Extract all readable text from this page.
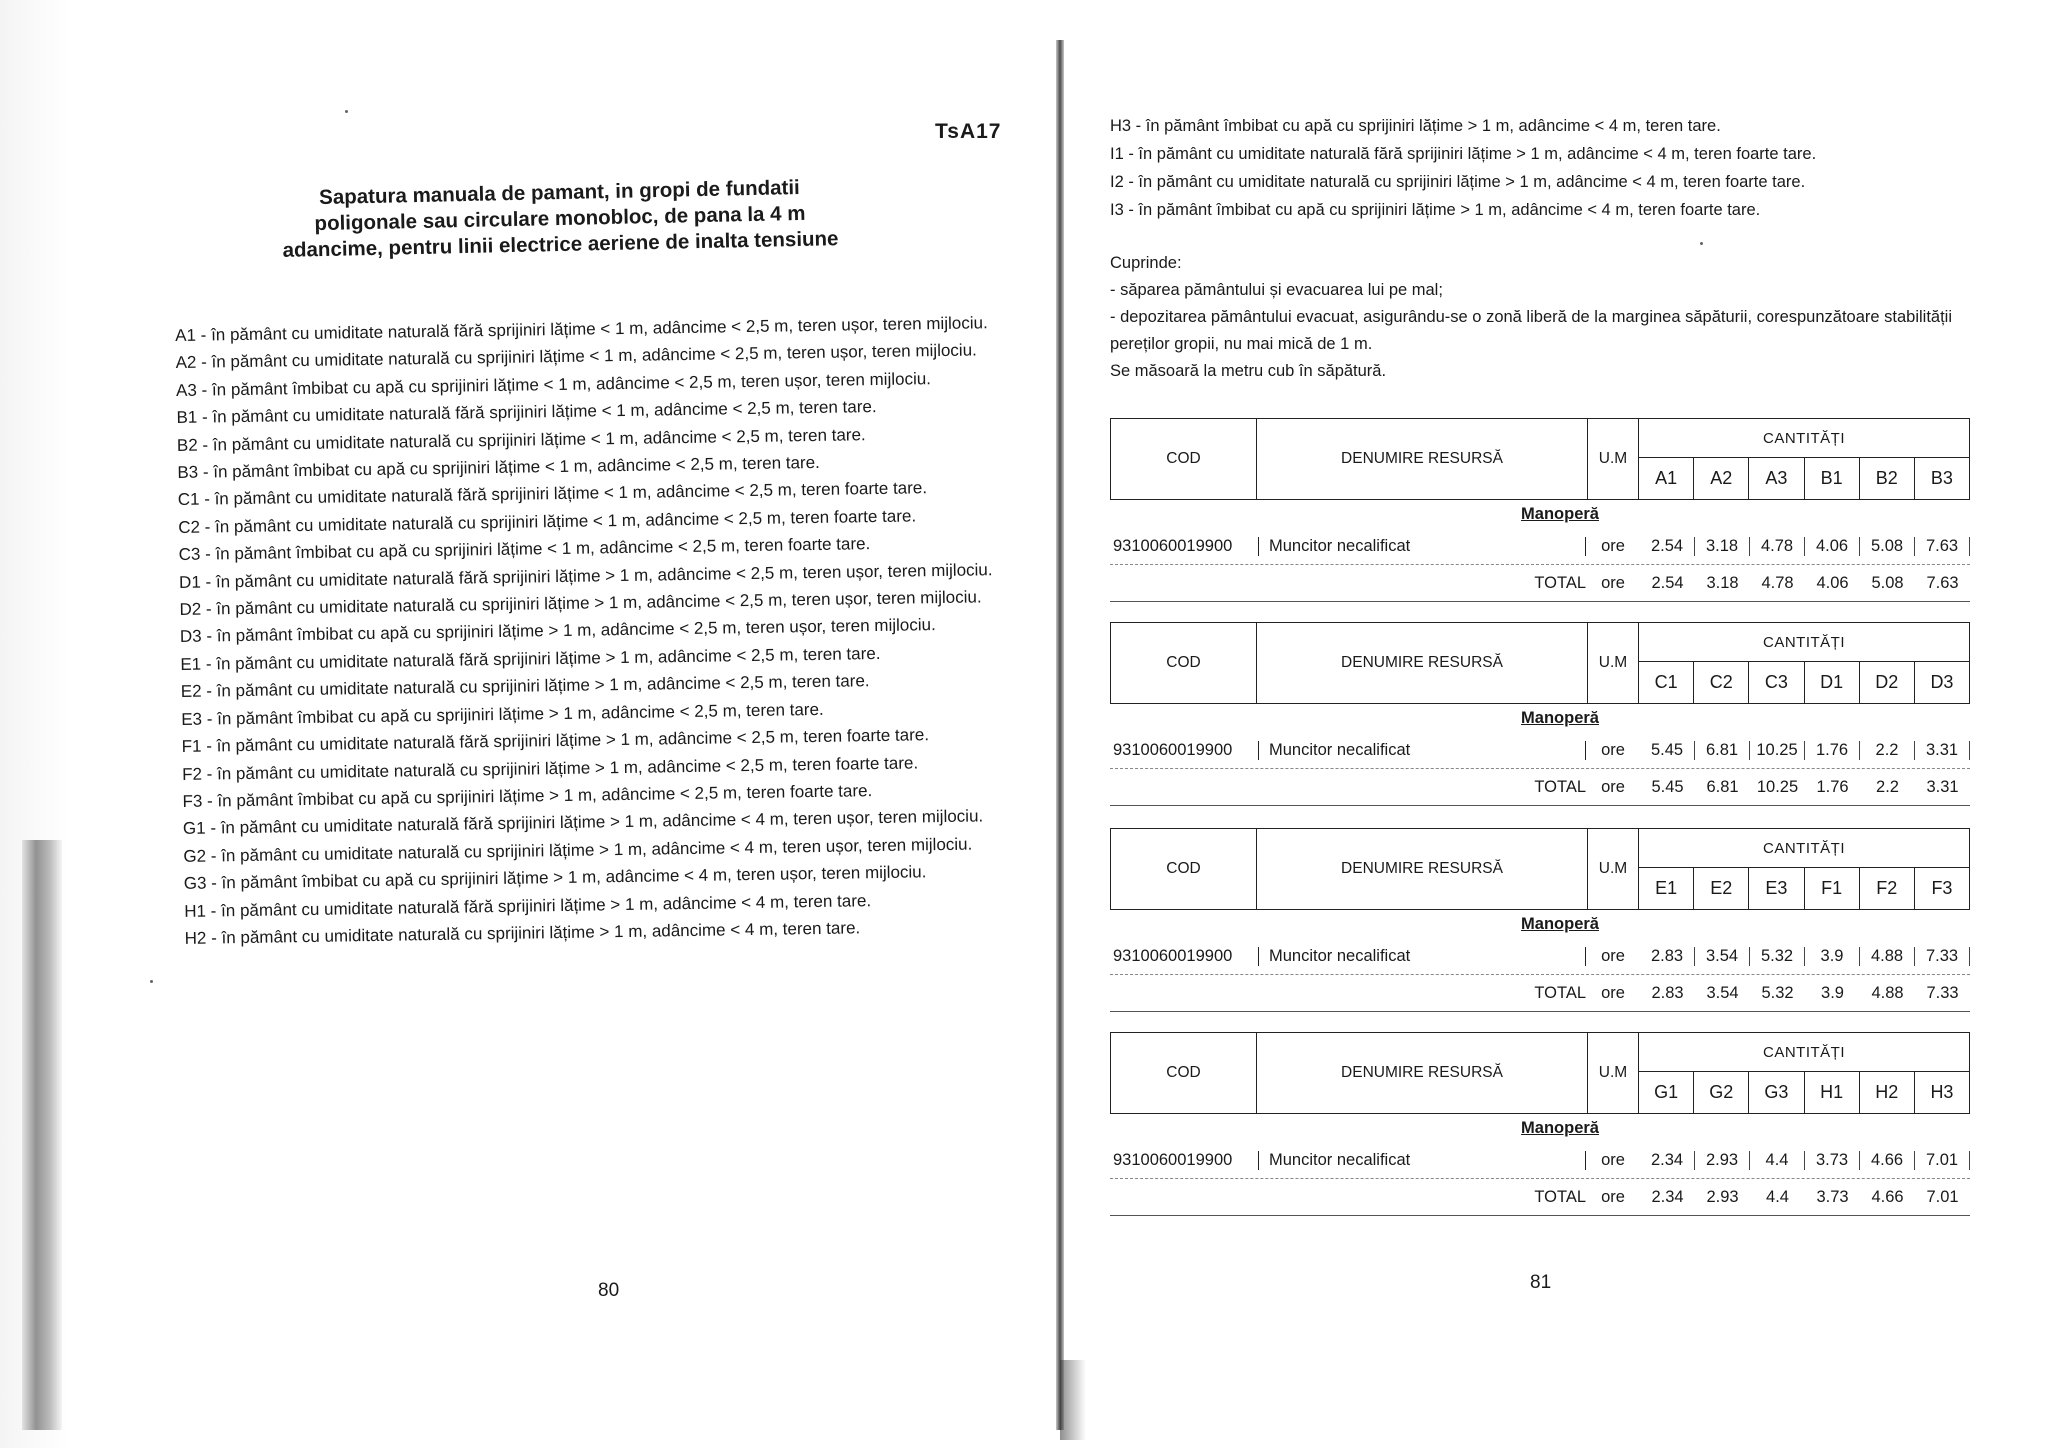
TsA17
Sapatura manuala de pamant, in gropi de fundatii poligonale sau circulare monobloc, de pana la 4 m adancime, pentru linii electrice aeriene de inalta tensiune
A1 - în pământ cu umiditate naturală fără sprijiniri lățime < 1 m, adâncime < 2,5 m, teren ușor, teren mijlociu.
A2 - în pământ cu umiditate naturală cu sprijiniri lățime < 1 m, adâncime < 2,5 m, teren ușor, teren mijlociu.
A3 - în pământ îmbibat cu apă cu sprijiniri lățime < 1 m, adâncime < 2,5 m, teren ușor, teren mijlociu.
B1 - în pământ cu umiditate naturală fără sprijiniri lățime < 1 m, adâncime < 2,5 m, teren tare.
B2 - în pământ cu umiditate naturală cu sprijiniri lățime < 1 m, adâncime < 2,5 m, teren tare.
B3 - în pământ îmbibat cu apă cu sprijiniri lățime < 1 m, adâncime < 2,5 m, teren tare.
C1 - în pământ cu umiditate naturală fără sprijiniri lățime < 1 m, adâncime < 2,5 m, teren foarte tare.
C2 - în pământ cu umiditate naturală cu sprijiniri lățime < 1 m, adâncime < 2,5 m, teren foarte tare.
C3 - în pământ îmbibat cu apă cu sprijiniri lățime < 1 m, adâncime < 2,5 m, teren foarte tare.
D1 - în pământ cu umiditate naturală fără sprijiniri lățime > 1 m, adâncime < 2,5 m, teren ușor, teren mijlociu.
D2 - în pământ cu umiditate naturală cu sprijiniri lățime > 1 m, adâncime < 2,5 m, teren ușor, teren mijlociu.
D3 - în pământ îmbibat cu apă cu sprijiniri lățime > 1 m, adâncime < 2,5 m, teren ușor, teren mijlociu.
E1 - în pământ cu umiditate naturală fără sprijiniri lățime > 1 m, adâncime < 2,5 m, teren tare.
E2 - în pământ cu umiditate naturală cu sprijiniri lățime > 1 m, adâncime < 2,5 m, teren tare.
E3 - în pământ îmbibat cu apă cu sprijiniri lățime > 1 m, adâncime < 2,5 m, teren tare.
F1 - în pământ cu umiditate naturală fără sprijiniri lățime > 1 m, adâncime < 2,5 m, teren foarte tare.
F2 - în pământ cu umiditate naturală cu sprijiniri lățime > 1 m, adâncime < 2,5 m, teren foarte tare.
F3 - în pământ îmbibat cu apă cu sprijiniri lățime > 1 m, adâncime < 2,5 m, teren foarte tare.
G1 - în pământ cu umiditate naturală fără sprijiniri lățime > 1 m, adâncime < 4 m, teren ușor, teren mijlociu.
G2 - în pământ cu umiditate naturală cu sprijiniri lățime > 1 m, adâncime < 4 m, teren ușor, teren mijlociu.
G3 - în pământ îmbibat cu apă cu sprijiniri lățime > 1 m, adâncime < 4 m, teren ușor, teren mijlociu.
H1 - în pământ cu umiditate naturală fără sprijiniri lățime > 1 m, adâncime < 4 m, teren tare.
H2 - în pământ cu umiditate naturală cu sprijiniri lățime > 1 m, adâncime < 4 m, teren tare.
80
H3 - în pământ îmbibat cu apă cu sprijiniri lățime > 1 m, adâncime < 4 m, teren tare.
I1 - în pământ cu umiditate naturală fără sprijiniri lățime > 1 m, adâncime < 4 m, teren foarte tare.
I2 - în pământ cu umiditate naturală cu sprijiniri lățime > 1 m, adâncime < 4 m, teren foarte tare.
I3 - în pământ îmbibat cu apă cu sprijiniri lățime > 1 m, adâncime < 4 m, teren foarte tare.
Cuprinde:
- săparea pământului și evacuarea lui pe mal;
- depozitarea pământului evacuat, asigurându-se o zonă liberă de la marginea săpăturii, corespunzătoare stabilității pereților gropii, nu mai mică de 1 m.
Se măsoară la metru cub în săpătură.
COD	DENUMIRE RESURSĂ	U.M
CANTITĂȚI
A1	A2	A3	B1	B2	B3
Manoperă
9310060019900	Muncitor necalificat	ore	2.54	3.18	4.78	4.06	5.08	7.63
TOTAL ore	2.54	3.18	4.78	4.06	5.08	7.63
COD	DENUMIRE RESURSĂ	U.M
CANTITĂȚI
C1	C2	C3	D1	D2	D3
Manoperă
9310060019900	Muncitor necalificat	ore	5.45	6.81	10.25	1.76	2.2	3.31
TOTAL ore	5.45	6.81	10.25	1.76	2.2	3.31
COD	DENUMIRE RESURSĂ	U.M
CANTITĂȚI
E1	E2	E3	F1	F2	F3
Manoperă
9310060019900	Muncitor necalificat	ore	2.83	3.54	5.32	3.9	4.88	7.33
TOTAL ore	2.83	3.54	5.32	3.9	4.88	7.33
COD	DENUMIRE RESURSĂ	U.M
CANTITĂȚI
G1	G2	G3	H1	H2	H3
Manoperă
9310060019900	Muncitor necalificat	ore	2.34	2.93	4.4	3.73	4.66	7.01
TOTAL ore	2.34	2.93	4.4	3.73	4.66	7.01
81
